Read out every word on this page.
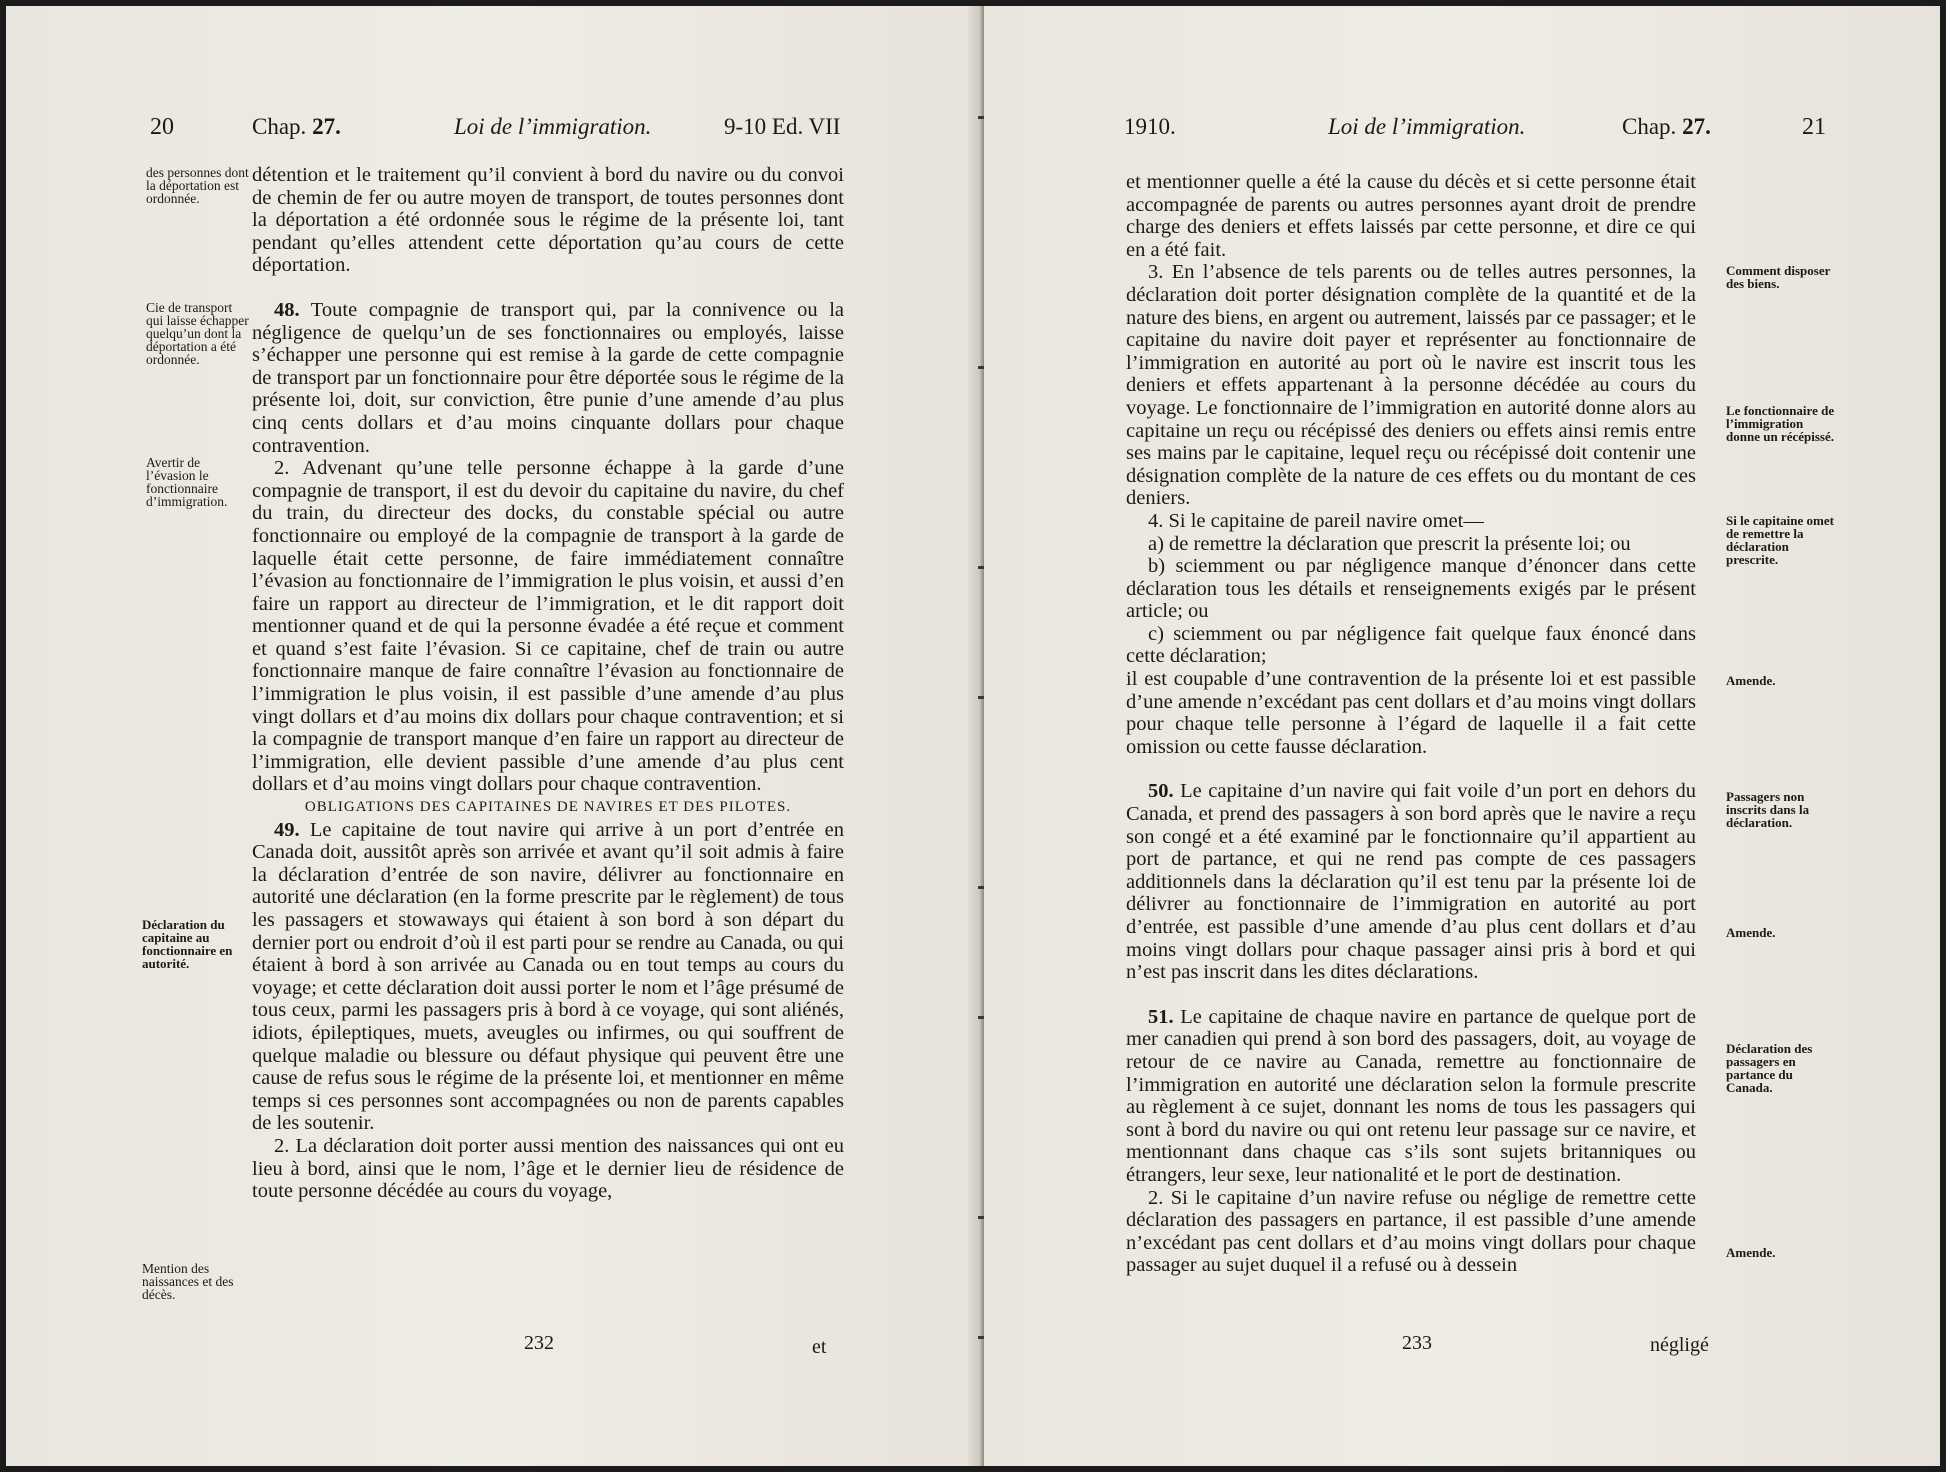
20	Chap. 27.	Loi de l’immigration.	9-10 Ed. VII
des personnes dont la déportation est ordonnée.
Cie de transport qui laisse échapper quelqu’un dont la déportation a été ordonnée.
Avertir de l’évasion le fonctionnaire d’immigration.
Déclaration du capitaine au fonctionnaire en autorité.
Mention des naissances et des décès.

détention et le traitement qu’il convient à bord du navire ou du convoi de chemin de fer ou autre moyen de transport, de toutes personnes dont la déportation a été ordonnée sous le régime de la présente loi, tant pendant qu’elles attendent cette déportation qu’au cours de cette déportation.

48. Toute compagnie de transport qui, par la connivence ou la négligence de quelqu’un de ses fonctionnaires ou employés, laisse s’échapper une personne qui est remise à la garde de cette compagnie de transport par un fonctionnaire pour être déportée sous le régime de la présente loi, doit, sur conviction, être punie d’une amende d’au plus cinq cents dollars et d’au moins cinquante dollars pour chaque contravention.

2. Advenant qu’une telle personne échappe à la garde d’une compagnie de transport, il est du devoir du capitaine du navire, du chef du train, du directeur des docks, du constable spécial ou autre fonctionnaire ou employé de la compagnie de transport à la garde de laquelle était cette personne, de faire immédiatement connaître l’évasion au fonctionnaire de l’immigration le plus voisin, et aussi d’en faire un rapport au directeur de l’immigration, et le dit rapport doit mentionner quand et de qui la personne évadée a été reçue et comment et quand s’est faite l’évasion. Si ce capitaine, chef de train ou autre fonctionnaire manque de faire connaître l’évasion au fonctionnaire de l’immigration le plus voisin, il est passible d’une amende d’au plus vingt dollars et d’au moins dix dollars pour chaque contravention; et si la compagnie de transport manque d’en faire un rapport au directeur de l’immigration, elle devient passible d’une amende d’au plus cent dollars et d’au moins vingt dollars pour chaque contravention.

OBLIGATIONS DES CAPITAINES DE NAVIRES ET DES PILOTES.

49. Le capitaine de tout navire qui arrive à un port d’entrée en Canada doit, aussitôt après son arrivée et avant qu’il soit admis à faire la déclaration d’entrée de son navire, délivrer au fonctionnaire en autorité une déclaration (en la forme prescrite par le règlement) de tous les passagers et stowaways qui étaient à son bord à son départ du dernier port ou endroit d’où il est parti pour se rendre au Canada, ou qui étaient à bord à son arrivée au Canada ou en tout temps au cours du voyage; et cette déclaration doit aussi porter le nom et l’âge présumé de tous ceux, parmi les passagers pris à bord à ce voyage, qui sont aliénés, idiots, épileptiques, muets, aveugles ou infirmes, ou qui souffrent de quelque maladie ou blessure ou défaut physique qui peuvent être une cause de refus sous le régime de la présente loi, et mentionner en même temps si ces personnes sont accompagnées ou non de parents capables de les soutenir.

2. La déclaration doit porter aussi mention des naissances qui ont eu lieu à bord, ainsi que le nom, l’âge et le dernier lieu de résidence de toute personne décédée au cours du voyage,

232	et
1910.	Loi de l’immigration.	Chap. 27.	21

et mentionner quelle a été la cause du décès et si cette personne était accompagnée de parents ou autres personnes ayant droit de prendre charge des deniers et effets laissés par cette personne, et dire ce qui en a été fait.

3. En l’absence de tels parents ou de telles autres personnes, la déclaration doit porter désignation complète de la quantité et de la nature des biens, en argent ou autrement, laissés par ce passager; et le capitaine du navire doit payer et représenter au fonctionnaire de l’immigration en autorité au port où le navire est inscrit tous les deniers et effets appartenant à la personne décédée au cours du voyage. Le fonctionnaire de l’immigration en autorité donne alors au capitaine un reçu ou récépissé des deniers ou effets ainsi remis entre ses mains par le capitaine, lequel reçu ou récépissé doit contenir une désignation complète de la nature de ces effets ou du montant de ces deniers.

4. Si le capitaine de pareil navire omet—

a) de remettre la déclaration que prescrit la présente loi; ou

b) sciemment ou par négligence manque d’énoncer dans cette déclaration tous les détails et renseignements exigés par le présent article; ou

c) sciemment ou par négligence fait quelque faux énoncé dans cette déclaration;

il est coupable d’une contravention de la présente loi et est passible d’une amende n’excédant pas cent dollars et d’au moins vingt dollars pour chaque telle personne à l’égard de laquelle il a fait cette omission ou cette fausse déclaration.

50. Le capitaine d’un navire qui fait voile d’un port en dehors du Canada, et prend des passagers à son bord après que le navire a reçu son congé et a été examiné par le fonctionnaire qu’il appartient au port de partance, et qui ne rend pas compte de ces passagers additionnels dans la déclaration qu’il est tenu par la présente loi de délivrer au fonctionnaire de l’immigration en autorité au port d’entrée, est passible d’une amende d’au plus cent dollars et d’au moins vingt dollars pour chaque passager ainsi pris à bord et qui n’est pas inscrit dans les dites déclarations.

51. Le capitaine de chaque navire en partance de quelque port de mer canadien qui prend à son bord des passagers, doit, au voyage de retour de ce navire au Canada, remettre au fonctionnaire de l’immigration en autorité une déclaration selon la formule prescrite au règlement à ce sujet, donnant les noms de tous les passagers qui sont à bord du navire ou qui ont retenu leur passage sur ce navire, et mentionnant dans chaque cas s’ils sont sujets britanniques ou étrangers, leur sexe, leur nationalité et le port de destination.

2. Si le capitaine d’un navire refuse ou néglige de remettre cette déclaration des passagers en partance, il est passible d’une amende n’excédant pas cent dollars et d’au moins vingt dollars pour chaque passager au sujet duquel il a refusé ou à dessein

Comment disposer des biens.
Le fonctionnaire de l’immigration donne un récépissé.
Si le capitaine omet de remettre la déclaration prescrite.
Amende.
Passagers non inscrits dans la déclaration.
Amende.
Déclaration des passagers en partance du Canada.
Amende.
233	négligé
